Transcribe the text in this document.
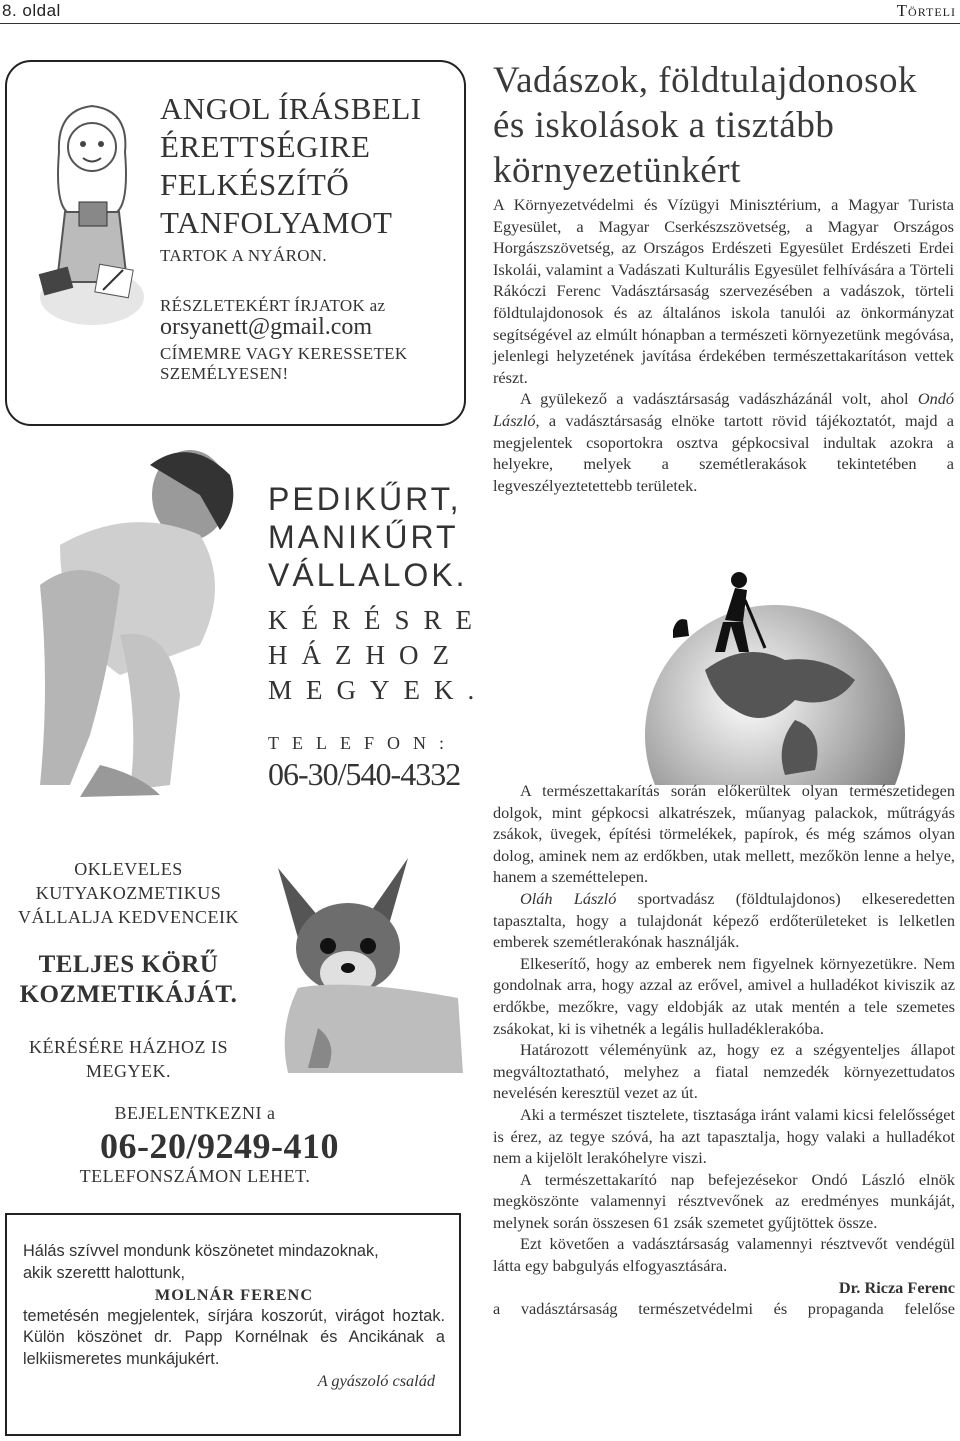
8. oldal	Törteli
ANGOL ÍRÁSBELI
ÉRETTSÉGIRE
FELKÉSZÍTŐ
TANFOLYAMOT
TARTOK A NYÁRON.
RÉSZLETEKÉRT ÍRJATOK az
orsyanett@gmail.com
CÍMEMRE VAGY KERESSETEK
SZEMÉLYESEN!
Vadászok, földtulajdonosok
és iskolások a tisztább
környezetünkért

A Környezetvédelmi és Vízügyi Minisztérium, a Magyar Turista Egyesület, a Magyar Cserkészszövetség, a Magyar Országos Horgászszövetség, az Országos Erdészeti Egyesület Erdészeti Erdei Iskolái, valamint a Vadászati Kulturális Egyesület felhívására a Törteli Rákóczi Ferenc Vadásztársaság szervezésében a vadászok, törteli földtulajdonosok és az általános iskola tanulói az önkormányzat segítségével az elmúlt hónapban a természeti környezetünk megóvása, jelenlegi helyzetének javítása érdekében természettakarításon vettek részt.

A gyülekező a vadásztársaság vadászházánál volt, ahol Ondó László, a vadásztársaság elnöke tartott rövid tájékoztatót, majd a megjelentek csoportokra osztva gépkocsival indultak azokra a helyekre, melyek a szemétlerakások tekintetében a legveszélyeztetettebb területek.

A természettakarítás során előkerültek olyan természetidegen dolgok, mint gépkocsi alkatrészek, műanyag palackok, műtrágyás zsákok, üvegek, építési törmelékek, papírok, és még számos olyan dolog, aminek nem az erdőkben, utak mellett, mezőkön lenne a helye, hanem a szeméttelepen.

Oláh László sportvadász (földtulajdonos) elkeseredetten tapasztalta, hogy a tulajdonát képező erdőterületeket is lelketlen emberek szemétlerakónak használják.

Elkeserítő, hogy az emberek nem figyelnek környezetükre. Nem gondolnak arra, hogy azzal az erővel, amivel a hulladékot kiviszik az erdőkbe, mezőkre, vagy eldobják az utak mentén a tele szemetes zsákokat, ki is vihetnék a legális hulladéklerakóba.

Határozott véleményünk az, hogy ez a szégyenteljes állapot megváltoztatható, melyhez a fiatal nemzedék környezettudatos nevelésén keresztül vezet az út.

Aki a természet tisztelete, tisztasága iránt valami kicsi felelősséget is érez, az tegye szóvá, ha azt tapasztalja, hogy valaki a hulladékot nem a kijelölt lerakóhelyre viszi.

A természettakarító nap befejezésekor Ondó László elnök megköszönte valamennyi résztvevőnek az eredményes munkáját, melynek során összesen 61 zsák szemetet gyűjtöttek össze.

Ezt követően a vadásztársaság valamennyi résztvevőt vendégül látta egy babgulyás elfogyasztására.

Dr. Ricza Ferenc
a vadásztársaság természetvédelmi és propaganda felelőse
PEDIKŰRT,
MANIKŰRT
VÁLLALOK.
KÉRÉSRE
HÁZHOZ
MEGYEK.
TELEFON:
06-30/540-4332
OKLEVELES
KUTYAKOZMETIKUS
VÁLLALJA KEDVENCEIK
TELJES KÖRŰ
KOZMETIKÁJÁT.
KÉRÉSÉRE HÁZHOZ IS
MEGYEK.
BEJELENTKEZNI a
TELEFONSZÁMON LEHET.
06-20/9249-410

Hálás szívvel mondunk köszönetet mindazoknak,

akik szerettt halottunk,

MOLNÁR FERENC

temetésén megjelentek, sírjára koszorút, virágot hoztak. Külön köszönet dr. Papp Kornélnak és Ancikának a lelkiismeretes munkájukért.

A gyászoló család
